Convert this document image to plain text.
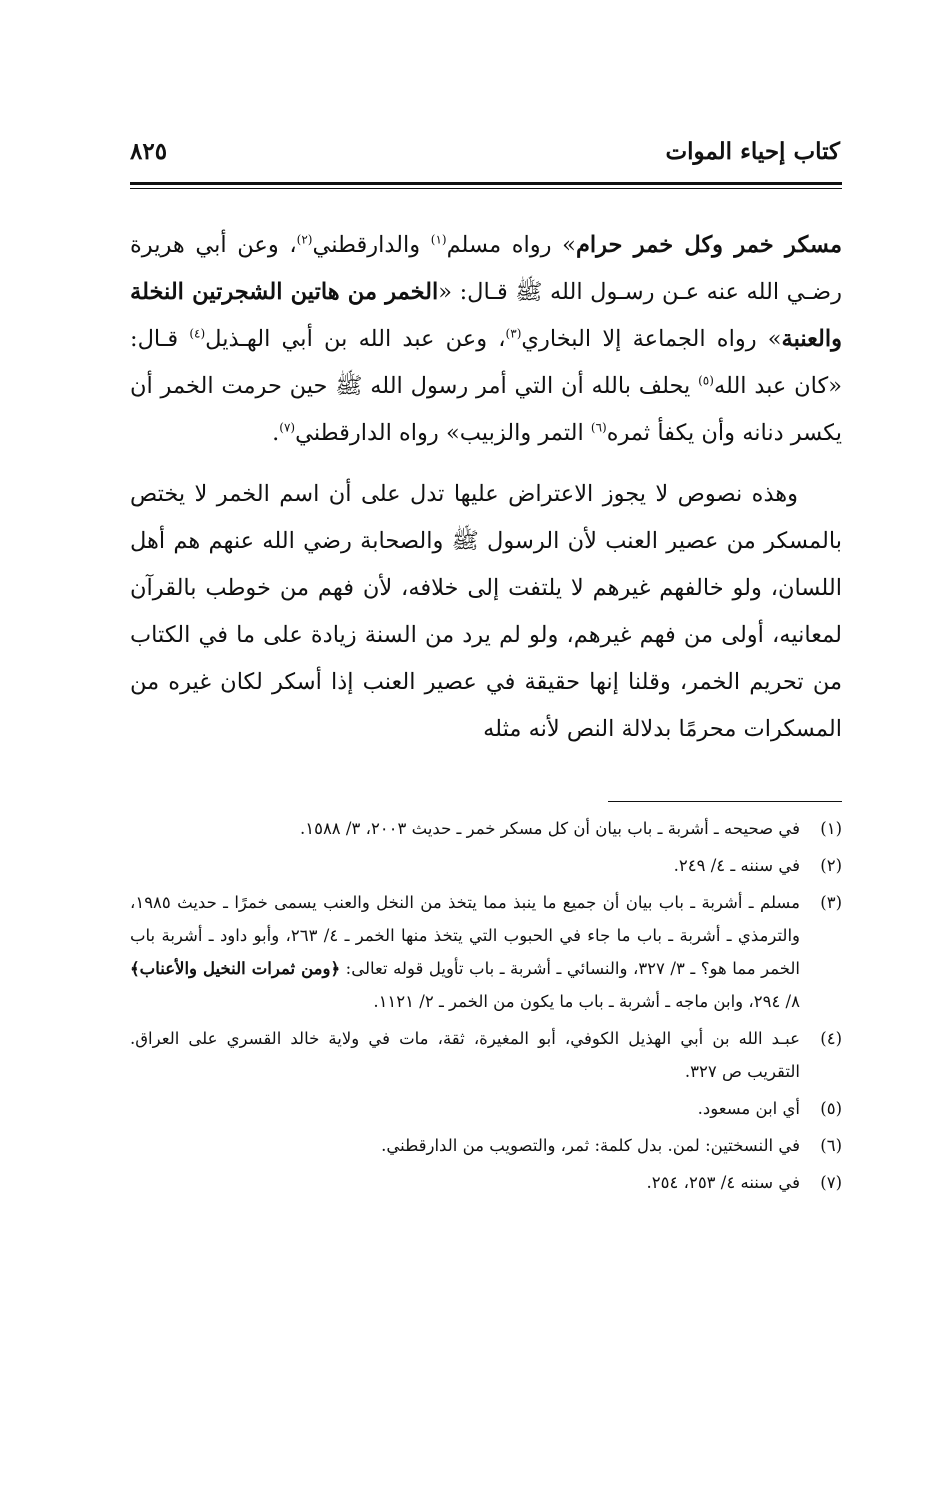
كتاب إحياء الموات
٨٢٥

مسكر خمر وكل خمر حرام» رواه مسلم$^{(١)}$ والدارقطني$^{(٢)}$، وعن أبي هريرة رضـي الله عنه عـن رسـول الله ﷺ قـال: «الخمر من هاتين الشجرتين النخلة والعنبة» رواه الجماعة إلا البخاري$^{(٣)}$، وعن عبد الله بن أبي الهـذيل$^{(٤)}$ قـال: «كان عبد الله$^{(٥)}$ يحلف بالله أن التي أمر رسول الله ﷺ حين حرمت الخمر أن يكسر دنانه وأن يكفأ ثمره$^{(٦)}$ التمر والزبيب» رواه الدارقطني$^{(٧)}$.

وهذه نصوص لا يجوز الاعتراض عليها تدل على أن اسم الخمر لا يختص بالمسكر من عصير العنب لأن الرسول ﷺ والصحابة رضي الله عنهم هم أهل اللسان، ولو خالفهم غيرهم لا يلتفت إلى خلافه، لأن فهم من خوطب بالقرآن لمعانيه، أولى من فهم غيرهم، ولو لم يرد من السنة زيادة على ما في الكتاب من تحريم الخمر، وقلنا إنها حقيقة في عصير العنب إذا أسكر لكان غيره من المسكرات محرمًا بدلالة النص لأنه مثله

(١)
في صحيحه ـ أشربة ـ باب بيان أن كل مسكر خمر ـ حديث ٢٠٠٣، ٣/ ١٥٨٨.
(٢)
في سننه ـ ٤/ ٢٤٩.
(٣)
مسلم ـ أشربة ـ باب بيان أن جميع ما ينبذ مما يتخذ من النخل والعنب يسمى خمرًا ـ حديث ١٩٨٥، والترمذي ـ أشربة ـ باب ما جاء في الحبوب التي يتخذ منها الخمر ـ ٤/ ٢٦٣، وأبو داود ـ أشربة باب الخمر مما هو؟ ـ ٣/ ٣٢٧، والنسائي ـ أشربة ـ باب تأويل قوله تعالى: ﴿ومن ثمرات النخيل والأعناب﴾ ٨/ ٢٩٤، وابن ماجه ـ أشربة ـ باب ما يكون من الخمر ـ ٢/ ١١٢١.
(٤)
عبـد الله بن أبي الهذيل الكوفي، أبو المغيرة، ثقة، مات في ولاية خالد القسري على العراق. التقريب ص ٣٢٧.
(٥)
أي ابن مسعود.
(٦)
في النسختين: لمن. بدل كلمة: ثمر، والتصويب من الدارقطني.
(٧)
في سننه ٤/ ٢٥٣، ٢٥٤.
